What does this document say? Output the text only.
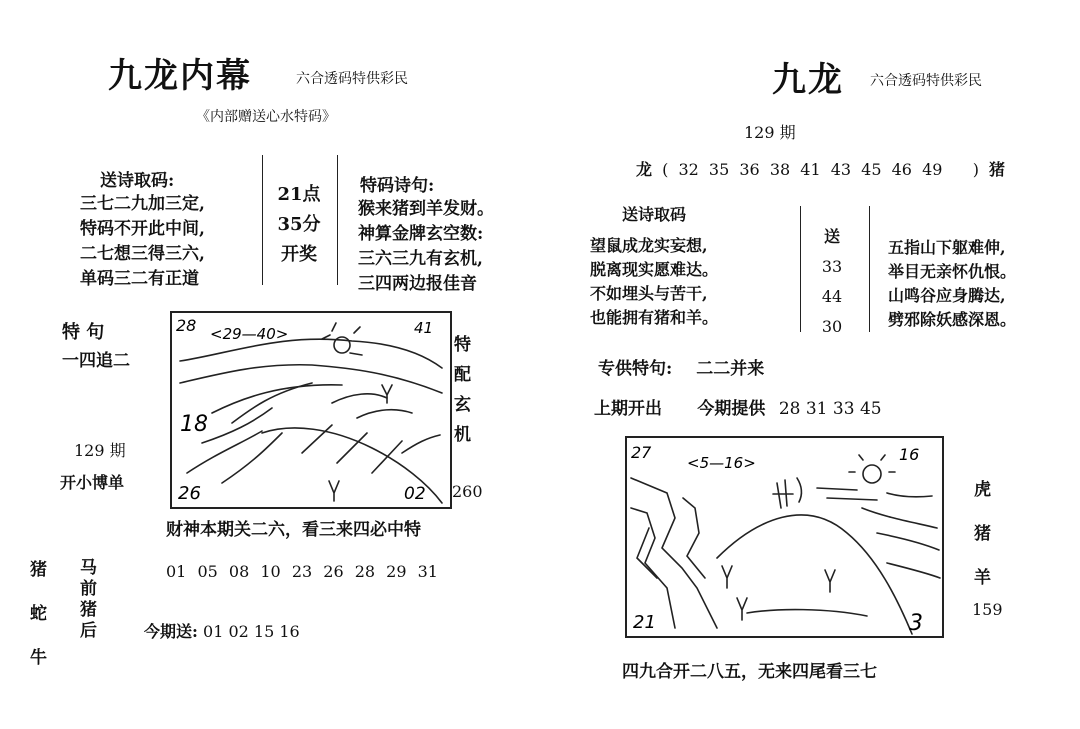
九龙内幕	六合透码特供彩民
《内部赠送心水特码》
送诗取码:
三七二九加三定,
特码不开此中间,
二七想三得三六,
单码三二有正道
21点
35分
开奖
特码诗句:
猴来猪到羊发财。
神算金牌玄空数:
三六三九有玄机,
三四两边报佳音
特 句
一四追二
129 期
开小博单
28 <29—40>	41
18
26	02
特
配
玄
机
260
财神本期关二六，看三来四必中特
猪
蛇
牛
马
前
猪
后
01 05 08 10 23 26 28 29 31
今期送: 01 02 15 16
九龙 六合透码特供彩民
129 期
龙 ( 32 35 36 38 41 43 45 46 49   ) 猪
送诗取码
望鼠成龙实妄想,
脱离现实愿难达。
不如埋头与苦干,
也能拥有猪和羊。
送
33
44
30
五指山下躯难伸,
举目无亲怀仇恨。
山鸣谷应身腾达,
劈邪除妖感深恩。
专供特句: 二二并来
上期开出 今期提供 28 31 33 45
27
<5—16>	16
21	3
虎
猪
羊
159
四九合开二八五，无来四尾看三七
